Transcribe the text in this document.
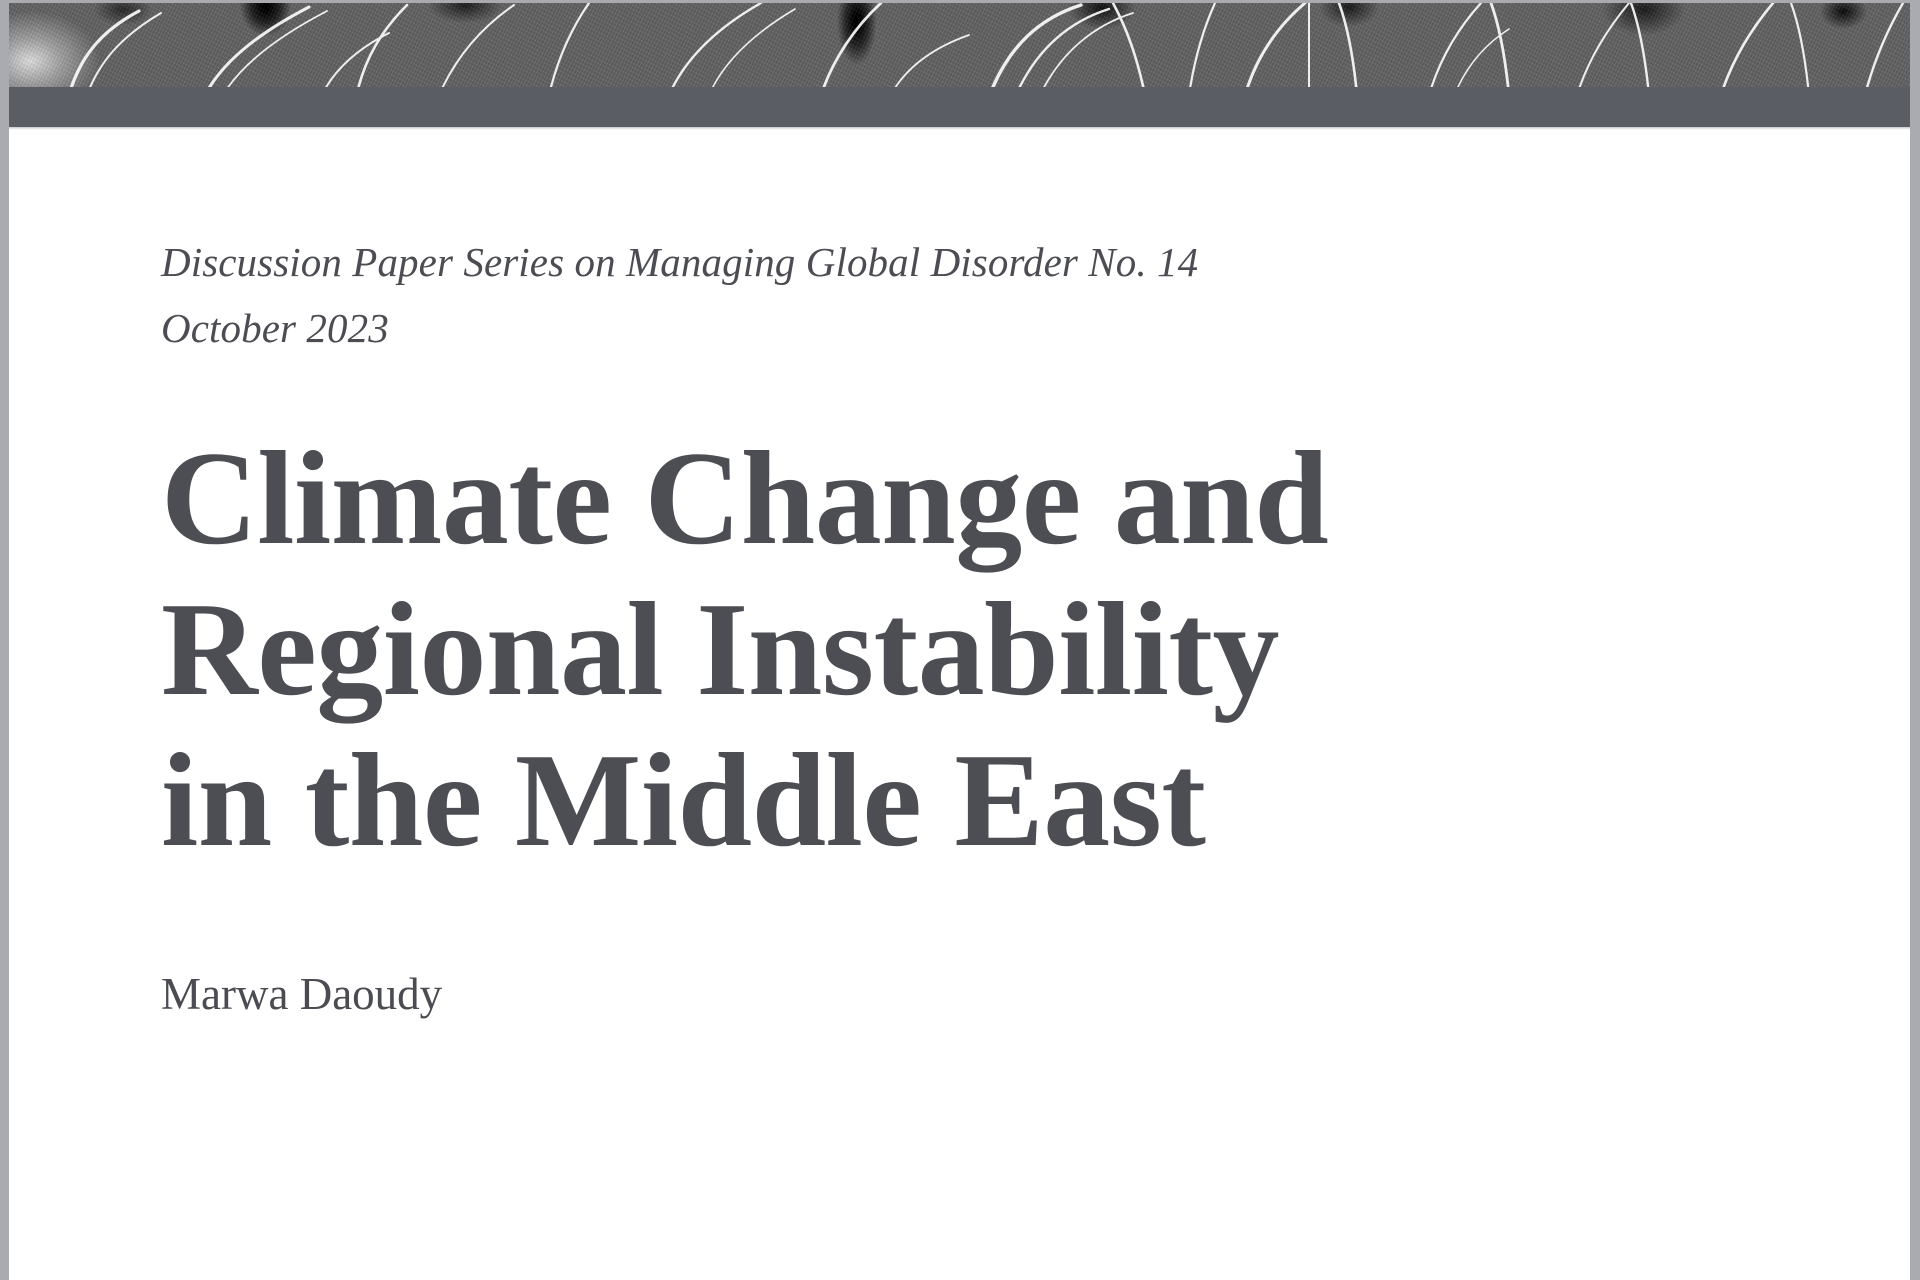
Discussion Paper Series on Managing Global Disorder No. 14
October 2023
Climate Change and
Regional Instability
in the Middle East
Marwa Daoudy
